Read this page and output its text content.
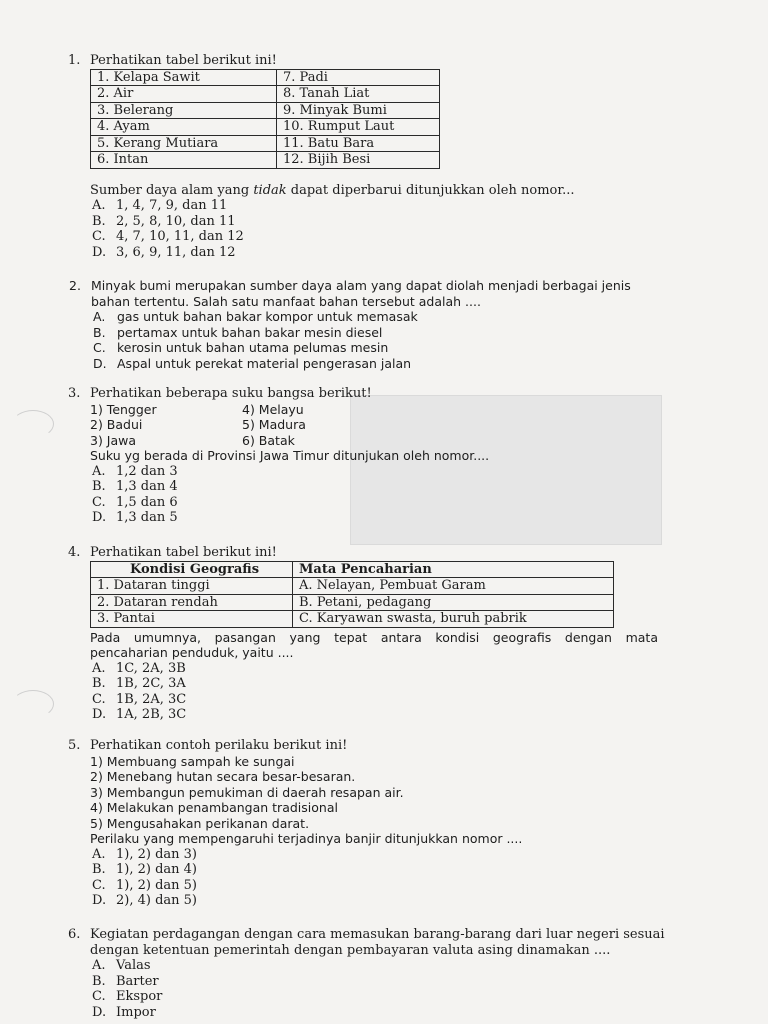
1. Perhatikan tabel berikut ini!
1. Kelapa Sawit	7. Padi
2. Air	8. Tanah Liat
3. Belerang	9. Minyak Bumi
4. Ayam	10. Rumput Laut
5. Kerang Mutiara	11. Batu Bara
6. Intan	12. Bijih Besi
Sumber daya alam yang tidak dapat diperbarui ditunjukkan oleh nomor...
A. 1, 4, 7, 9, dan 11
B. 2, 5, 8, 10, dan 11
C. 4, 7, 10, 11, dan 12
D. 3, 6, 9, 11, dan 12
2. Minyak bumi merupakan sumber daya alam yang dapat diolah menjadi berbagai jenis
bahan tertentu. Salah satu manfaat bahan tersebut adalah ....
A. gas untuk bahan bakar kompor untuk memasak
B. pertamax untuk bahan bakar mesin diesel
C. kerosin untuk bahan utama pelumas mesin
D. Aspal untuk perekat material pengerasan jalan
3. Perhatikan beberapa suku bangsa berikut!
1) Tengger	4) Melayu
2) Badui	5) Madura
3) Jawa	6) Batak
Suku yg berada di Provinsi Jawa Timur ditunjukan oleh nomor....
A. 1,2 dan 3
B. 1,3 dan 4
C. 1,5 dan 6
D. 1,3 dan 5
4. Perhatikan tabel berikut ini!
Kondisi Geografis	Mata Pencaharian
1. Dataran tinggi	A. Nelayan, Pembuat Garam
2. Dataran rendah	B. Petani, pedagang
3. Pantai	C. Karyawan swasta, buruh pabrik
Pada umumnya, pasangan yang tepat antara kondisi geografis dengan mata
pencaharian penduduk, yaitu ....
A. 1C, 2A, 3B
B. 1B, 2C, 3A
C. 1B, 2A, 3C
D. 1A, 2B, 3C
5. Perhatikan contoh perilaku berikut ini!
1) Membuang sampah ke sungai
2) Menebang hutan secara besar-besaran.
3) Membangun pemukiman di daerah resapan air.
4) Melakukan penambangan tradisional
5) Mengusahakan perikanan darat.
Perilaku yang mempengaruhi terjadinya banjir ditunjukkan nomor ....
A. 1), 2) dan 3)
B. 1), 2) dan 4)
C. 1), 2) dan 5)
D. 2), 4) dan 5)
6. Kegiatan perdagangan dengan cara memasukan barang-barang dari luar negeri sesuai
dengan ketentuan pemerintah dengan pembayaran valuta asing dinamakan ....
A. Valas
B. Barter
C. Ekspor
D. Impor
